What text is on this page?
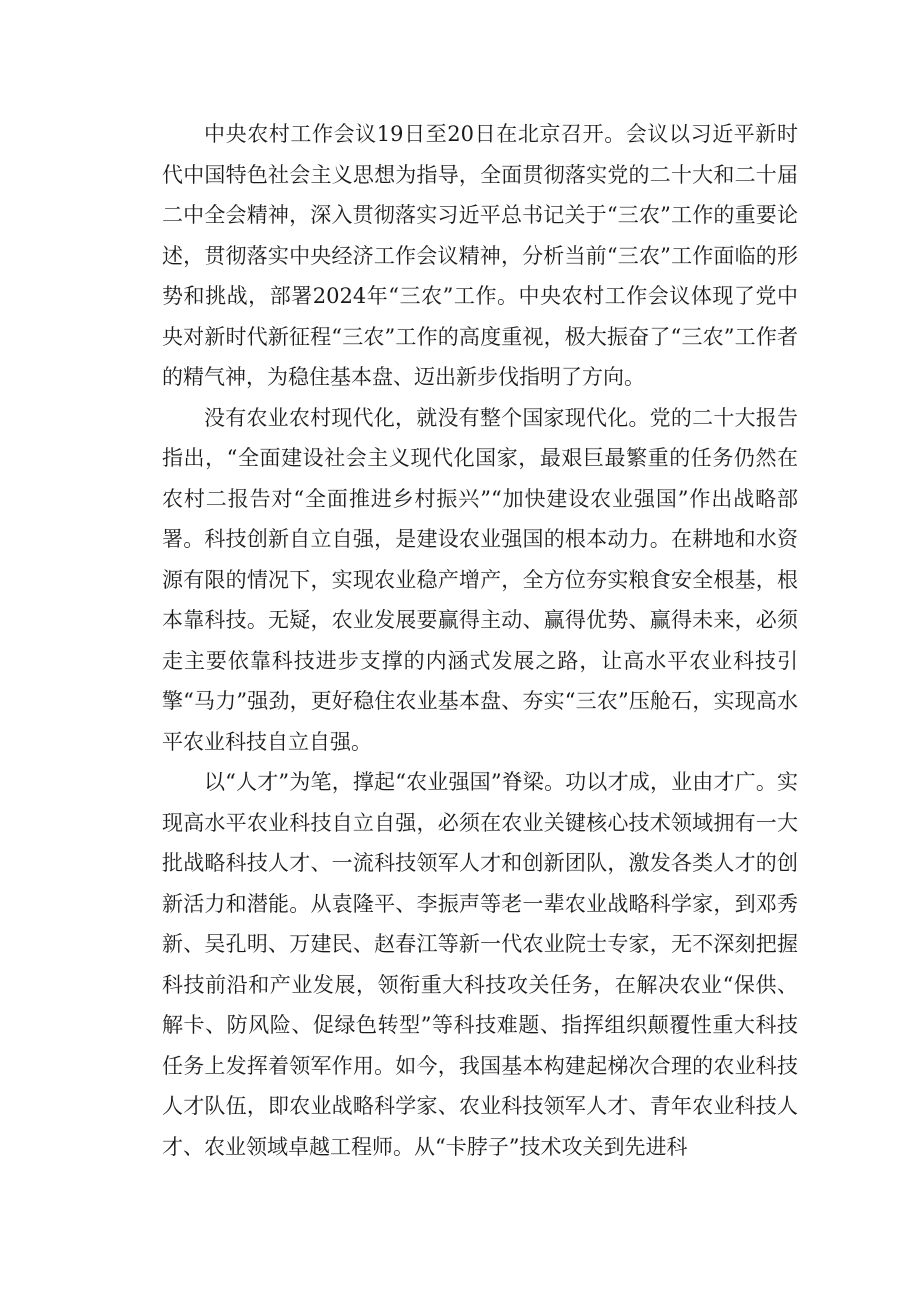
中央农村工作会议19日至20日在北京召开。会议以习近平新时代中国特色社会主义思想为指导，全面贯彻落实党的二十大和二十届二中全会精神，深入贯彻落实习近平总书记关于“三农”工作的重要论述，贯彻落实中央经济工作会议精神，分析当前“三农”工作面临的形势和挑战，部署2024年“三农”工作。中央农村工作会议体现了党中央对新时代新征程“三农”工作的高度重视，极大振奋了“三农”工作者的精气神，为稳住基本盘、迈出新步伐指明了方向。

没有农业农村现代化，就没有整个国家现代化。党的二十大报告指出，“全面建设社会主义现代化国家，最艰巨最繁重的任务仍然在农村二报告对“全面推进乡村振兴”“加快建设农业强国”作出战略部署。科技创新自立自强，是建设农业强国的根本动力。在耕地和水资源有限的情况下，实现农业稳产增产，全方位夯实粮食安全根基，根本靠科技。无疑，农业发展要赢得主动、赢得优势、赢得未来，必须走主要依靠科技进步支撑的内涵式发展之路，让高水平农业科技引擎“马力”强劲，更好稳住农业基本盘、夯实“三农”压舱石，实现高水平农业科技自立自强。

以“人才”为笔，撑起“农业强国”脊梁。功以才成，业由才广。实现高水平农业科技自立自强，必须在农业关键核心技术领域拥有一大批战略科技人才、一流科技领军人才和创新团队，激发各类人才的创新活力和潜能。从袁隆平、李振声等老一辈农业战略科学家，到邓秀新、吴孔明、万建民、赵春江等新一代农业院士专家，无不深刻把握科技前沿和产业发展，领衔重大科技攻关任务，在解决农业“保供、解卡、防风险、促绿色转型”等科技难题、指挥组织颠覆性重大科技任务上发挥着领军作用。如今，我国基本构建起梯次合理的农业科技人才队伍，即农业战略科学家、农业科技领军人才、青年农业科技人才、农业领域卓越工程师。从“卡脖子”技术攻关到先进科
